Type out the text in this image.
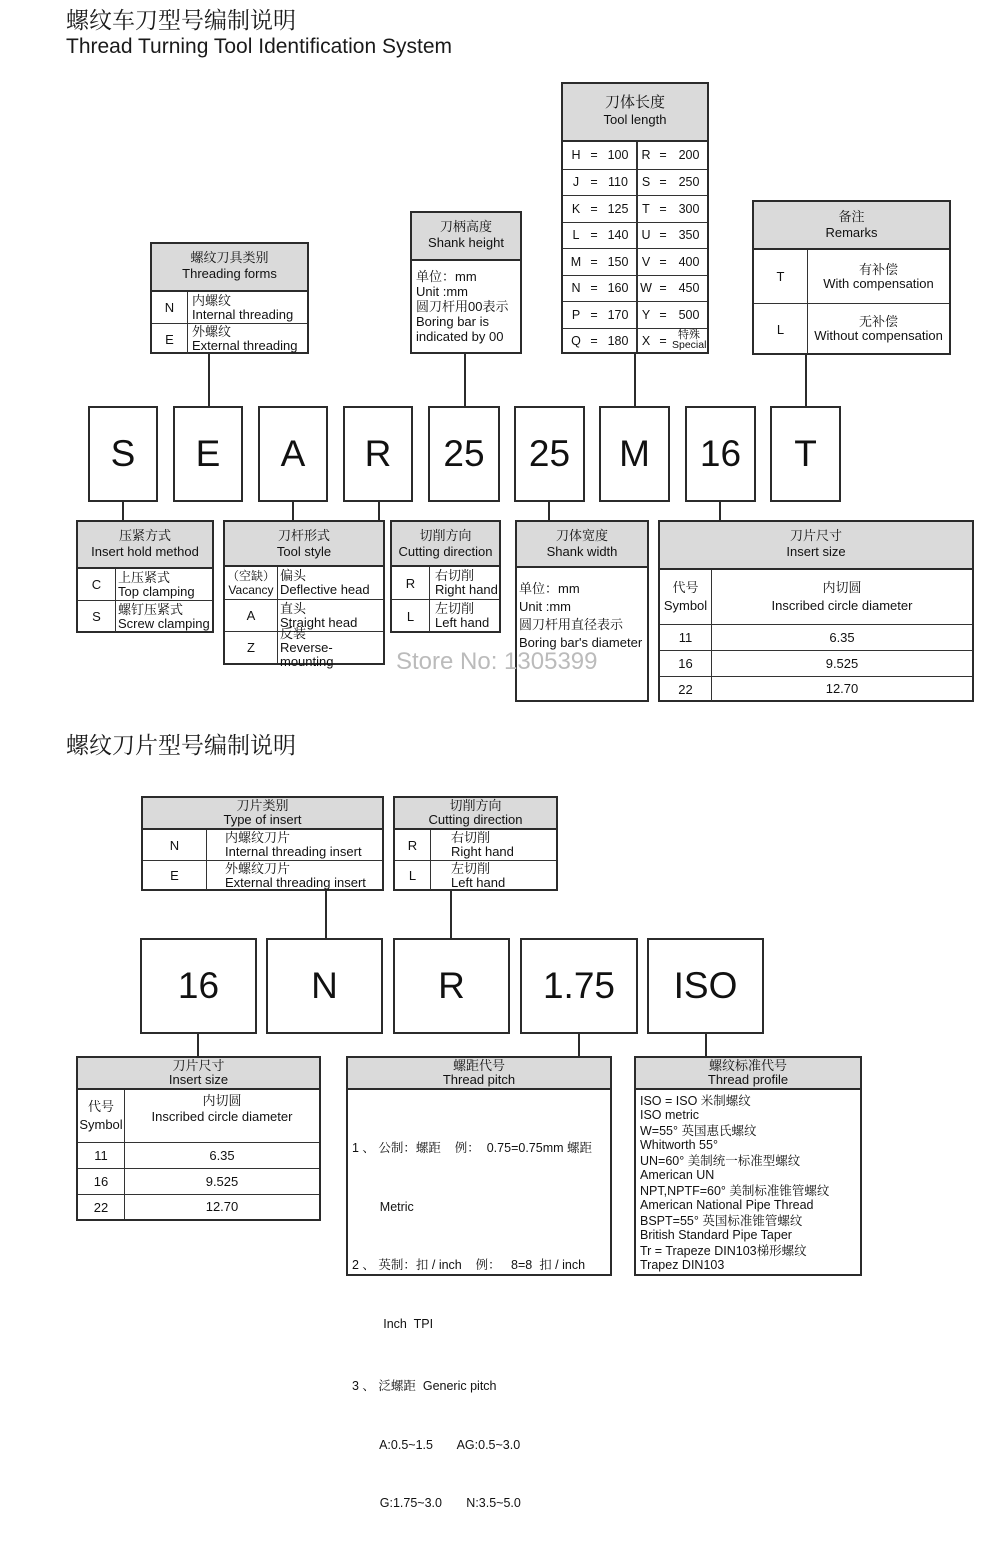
螺纹车刀型号编制说明
Thread Turning Tool Identification System
螺纹刀具类别
Threading forms
N	内螺纹
Internal threading
E	外螺纹
External threading
刀柄高度
Shank height
单位：mm
Unit :mm
圆刀杆用00表示
Boring bar is
indicated by 00
刀体长度
Tool length
H = 100	R = 200
J = 110	S = 250
K = 125	T = 300
L = 140	U = 350
M = 150	V = 400
N = 160 W = 450
P = 170	Y = 500
Q = 180	X =	特殊
Special
备注
Remarks
T	有补偿
With compensation
L	无补偿
Without compensation
S	E	A	R	25	25	M	16	T
压紧方式
Insert hold method
C	上压紧式
Top clamping
S	螺钉压紧式
Screw clamping
刀杆形式
Tool style
（空缺）
Vacancy
偏头
Deflective head
A	直头
Straight head
Z
反装
Reverse-mounting
切削方向
Cutting direction
R	右切削
Right hand
L	左切削
Left hand
刀体宽度
Shank width
单位：mm
Unit :mm
圆刀杆用直径表示
Boring bar's diameter
刀片尺寸
Insert size
代号
Symbol
内切圆
Inscribed circle diameter
11	6.35
16	9.525
22	12.70
Store No: 1305399
螺纹刀片型号编制说明
刀片类别
Type of insert
N	内螺纹刀片
Internal threading insert
E	外螺纹刀片
External threading insert
切削方向
Cutting direction
R	右切削
Right hand
L	左切削
Left hand
16	N	R	1.75	ISO
刀片尺寸
Insert size
代号
Symbol
内切圆
Inscribed circle diameter
11	6.35
16	9.525
22	12.70
螺距代号
Thread pitch

1 、 公制：螺距    例：  0.75=0.75mm 螺距

Metric

2 、 英制：扣 / inch    例：   8=8  扣 / inch

Inch  TPI

3 、 泛螺距  Generic pitch

A:0.5~1.5       AG:0.5~3.0

G:1.75~3.0       N:3.5~5.0

螺纹标准代号
Thread profile
ISO = ISO 米制螺纹
ISO metric
W=55° 英国惠氏螺纹
Whitworth 55°
UN=60° 美制统一标准型螺纹
American UN
NPT,NPTF=60° 美制标准锥管螺纹
American National Pipe Thread
BSPT=55° 英国标准锥管螺纹
British Standard Pipe Taper
Tr = Trapeze DIN103梯形螺纹
Trapez DIN103
